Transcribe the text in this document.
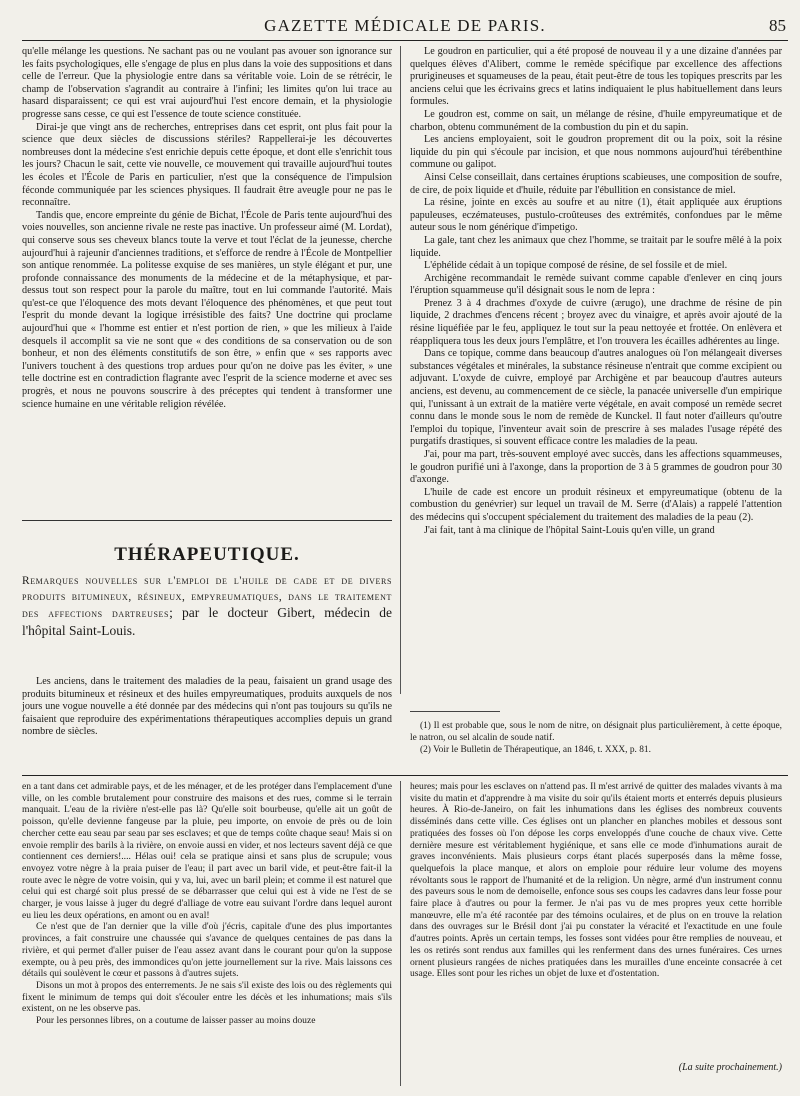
GAZETTE MÉDICALE DE PARIS.	85

qu'elle mélange les questions. Ne sachant pas ou ne voulant pas avouer son ignorance sur les faits psychologiques, elle s'engage de plus en plus dans la voie des suppositions et dans celle de l'erreur. Que la physiologie entre dans sa véritable voie. Loin de se rétrécir, le champ de l'observation s'agrandit au contraire à l'infini; les limites qu'on lui trace au hasard disparaissent; ce qui est vrai aujourd'hui l'est encore demain, et la physiologie progresse sans cesse, ce qui est l'essence de toute science constituée.

Dirai-je que vingt ans de recherches, entreprises dans cet esprit, ont plus fait pour la science que deux siècles de discussions stériles? Rappellerai-je les découvertes nombreuses dont la médecine s'est enrichie depuis cette époque, et dont elle s'enrichit tous les jours? Chacun le sait, cette vie nouvelle, ce mouvement qui travaille aujourd'hui toutes les écoles et l'École de Paris en particulier, n'est que la conséquence de l'impulsion féconde communiquée par les sciences physiques. Il faudrait être aveugle pour ne pas le reconnaître.

Tandis que, encore empreinte du génie de Bichat, l'École de Paris tente aujourd'hui des voies nouvelles, son ancienne rivale ne reste pas inactive. Un professeur aimé (M. Lordat), qui conserve sous ses cheveux blancs toute la verve et tout l'éclat de la jeunesse, cherche aujourd'hui à rajeunir d'anciennes traditions, et s'efforce de rendre à l'École de Montpellier son antique renommée. La politesse exquise de ses manières, un style élégant et pur, une profonde connaissance des monuments de la médecine et de la métaphysique, et par-dessus tout son respect pour la parole du maître, tout en lui commande l'autorité. Mais qu'est-ce que l'éloquence des mots devant l'éloquence des phénomènes, et que peut tout l'esprit du monde devant la logique irrésistible des faits? Une doctrine qui proclame aujourd'hui que « l'homme est entier et n'est portion de rien, » que les milieux à l'aide desquels il accomplit sa vie ne sont que « des conditions de sa conservation ou de son bonheur, et non des éléments constitutifs de son être, » enfin que « ses rapports avec l'univers touchent à des questions trop ardues pour qu'on ne doive pas les éviter, » une telle doctrine est en contradiction flagrante avec l'esprit de la science moderne et avec ses progrès, et nous ne pouvons souscrire à des préceptes qui tendent à transformer une science humaine en une véritable religion révélée.

THÉRAPEUTIQUE.
Remarques nouvelles sur l'emploi de l'huile de cade et de divers produits bitumineux, résineux, empyreumatiques, dans le traitement des affections dartreuses; par le docteur Gibert, médecin de l'hôpital Saint-Louis.

Les anciens, dans le traitement des maladies de la peau, faisaient un grand usage des produits bitumineux et résineux et des huiles empyreumatiques, produits auxquels de nos jours une vogue nouvelle a été donnée par des médecins qui n'ont pas toujours su qu'ils ne faisaient que reproduire des expérimentations thérapeutiques accomplies depuis un grand nombre de siècles.

Le goudron en particulier, qui a été proposé de nouveau il y a une dizaine d'années par quelques élèves d'Alibert, comme le remède spécifique par excellence des affections prurigineuses et squameuses de la peau, était peut-être de tous les topiques prescrits par les anciens celui que les écrivains grecs et latins indiquaient le plus habituellement dans leurs formules.

Le goudron est, comme on sait, un mélange de résine, d'huile empyreumatique et de charbon, obtenu communément de la combustion du pin et du sapin.

Les anciens employaient, soit le goudron proprement dit ou la poix, soit la résine liquide du pin qui s'écoule par incision, et que nous nommons aujourd'hui térébenthine commune ou galipot.

Ainsi Celse conseillait, dans certaines éruptions scabieuses, une composition de soufre, de cire, de poix liquide et d'huile, réduite par l'ébullition en consistance de miel.

La résine, jointe en excès au soufre et au nitre (1), était appliquée aux éruptions papuleuses, eczémateuses, pustulo-croûteuses des extrémités, confondues par le même auteur sous le nom générique d'impetigo.

La gale, tant chez les animaux que chez l'homme, se traitait par le soufre mêlé à la poix liquide.

L'éphélide cédait à un topique composé de résine, de sel fossile et de miel.

Archigène recommandait le remède suivant comme capable d'enlever en cinq jours l'éruption squammeuse qu'il désignait sous le nom de lepra :

Prenez 3 à 4 drachmes d'oxyde de cuivre (ærugo), une drachme de résine de pin liquide, 2 drachmes d'encens récent ; broyez avec du vinaigre, et après avoir ajouté de la résine liquéfiée par le feu, appliquez le tout sur la peau nettoyée et frottée. On enlèvera et réappliquera tous les deux jours l'emplâtre, et l'on trouvera les écailles adhérentes au linge.

Dans ce topique, comme dans beaucoup d'autres analogues où l'on mélangeait diverses substances végétales et minérales, la substance résineuse n'entrait que comme excipient ou adjuvant. L'oxyde de cuivre, employé par Archigène et par beaucoup d'autres auteurs anciens, est devenu, au commencement de ce siècle, la panacée universelle d'un empirique qui, l'unissant à un extrait de la matière verte végétale, en avait composé un remède secret connu dans le monde sous le nom de remède de Kunckel. Il faut noter d'ailleurs qu'outre l'emploi du topique, l'inventeur avait soin de prescrire à ses malades l'usage répété des purgatifs drastiques, si souvent efficace contre les maladies de la peau.

J'ai, pour ma part, très-souvent employé avec succès, dans les affections squammeuses, le goudron purifié uni à l'axonge, dans la proportion de 3 à 5 grammes de goudron pour 30 d'axonge.

L'huile de cade est encore un produit résineux et empyreumatique (obtenu de la combustion du genévrier) sur lequel un travail de M. Serre (d'Alais) a rappelé l'attention des médecins qui s'occupent spécialement du traitement des maladies de la peau (2).

J'ai fait, tant à ma clinique de l'hôpital Saint-Louis qu'en ville, un grand

(1) Il est probable que, sous le nom de nitre, on désignait plus particulièrement, à cette époque, le natron, ou sel alcalin de soude natif.

(2) Voir le Bulletin de Thérapeutique, an 1846, t. XXX, p. 81.

en a tant dans cet admirable pays, et de les ménager, et de les protéger dans l'emplacement d'une ville, on les comble brutalement pour construire des maisons et des rues, comme si le terrain manquait. L'eau de la rivière n'est-elle pas là? Qu'elle soit bourbeuse, qu'elle ait un goût de poisson, qu'elle devienne fangeuse par la pluie, peu importe, on envoie de près ou de loin chercher cette eau seau par seau par ses esclaves; et que de temps coûte chaque seau! Mais si on envoie remplir des barils à la rivière, on envoie aussi en vider, et nos lecteurs savent déjà ce que contiennent ces derniers!.... Hélas oui! cela se pratique ainsi et sans plus de scrupule; vous envoyez votre nègre à la praia puiser de l'eau; il part avec un baril vide, et peut-être fait-il la route avec le nègre de votre voisin, qui y va, lui, avec un baril plein; et comme il est naturel que celui qui est chargé soit plus pressé de se débarrasser que celui qui est à vide ne l'est de se charger, je vous laisse à juger du degré d'alliage de votre eau suivant l'ordre dans lequel auront eu lieu les deux opérations, en amont ou en aval!

Ce n'est que de l'an dernier que la ville d'où j'écris, capitale d'une des plus importantes provinces, a fait construire une chaussée qui s'avance de quelques centaines de pas dans la rivière, et qui permet d'aller puiser de l'eau assez avant dans le courant pour qu'on la suppose exempte, ou à peu près, des immondices qu'on jette journellement sur la rive. Mais laissons ces détails qui soulèvent le cœur et passons à d'autres sujets.

Disons un mot à propos des enterrements. Je ne sais s'il existe des lois ou des règlements qui fixent le minimum de temps qui doit s'écouler entre les décès et les inhumations; mais s'ils existent, on ne les observe pas.

Pour les personnes libres, on a coutume de laisser passer au moins douze

heures; mais pour les esclaves on n'attend pas. Il m'est arrivé de quitter des malades vivants à ma visite du matin et d'apprendre à ma visite du soir qu'ils étaient morts et enterrés depuis plusieurs heures. À Rio-de-Janeiro, on fait les inhumations dans les églises des nombreux couvents disséminés dans cette ville. Ces églises ont un plancher en planches mobiles et dessous sont pratiquées des fosses où l'on dépose les corps enveloppés d'une couche de chaux vive. Cette dernière mesure est véritablement hygiénique, et sans elle ce mode d'inhumations aurait de graves inconvénients. Mais plusieurs corps étant placés superposés dans la même fosse, quelquefois la place manque, et alors on emploie pour réduire leur volume des moyens révoltants sous le rapport de l'humanité et de la religion. Un nègre, armé d'un instrument connu des paveurs sous le nom de demoiselle, enfonce sous ses coups les cadavres dans leur fosse pour faire place à d'autres ou pour la fermer. Je n'ai pas vu de mes propres yeux cette horrible manœuvre, elle m'a été racontée par des témoins oculaires, et de plus on en trouve la relation dans des ouvrages sur le Brésil dont j'ai pu constater la véracité et l'exactitude en une foule d'autres points. Après un certain temps, les fosses sont vidées pour être remplies de nouveau, et les os retirés sont rendus aux familles qui les renferment dans des urnes funéraires. Ces urnes ornent plusieurs rangées de niches pratiquées dans les murailles d'une enceinte consacrée à cet usage. Elles sont pour les riches un objet de luxe et d'ostentation.

(La suite prochainement.)
